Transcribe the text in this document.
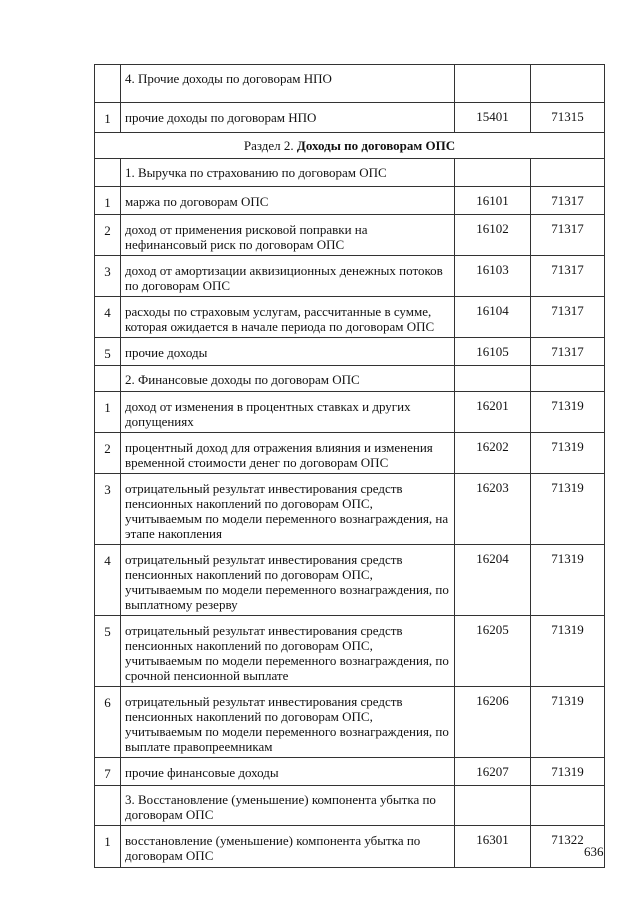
	4. Прочие доходы по договорам НПО		
1	прочие доходы по договорам НПО	15401	71315
Раздел 2. Доходы по договорам ОПС			
	1. Выручка по страхованию по договорам ОПС		
1	маржа по договорам ОПС	16101	71317
2	доход от применения рисковой поправки на нефинансовый риск по договорам ОПС	16102	71317
3	доход от амортизации аквизиционных денежных потоков по договорам ОПС	16103	71317
4	расходы по страховым услугам, рассчитанные в сумме, которая ожидается в начале периода по договорам ОПС	16104	71317
5	прочие доходы	16105	71317
	2. Финансовые доходы по договорам ОПС		
1	доход от изменения в процентных ставках и других допущениях	16201	71319
2	процентный доход для отражения влияния и изменения временной стоимости денег по договорам ОПС	16202	71319
3	отрицательный результат инвестирования средств пенсионных накоплений по договорам ОПС, учитываемым по модели переменного вознаграждения, на этапе накопления	16203	71319
4	отрицательный результат инвестирования средств пенсионных накоплений по договорам ОПС, учитываемым по модели переменного вознаграждения, по выплатному резерву	16204	71319
5	отрицательный результат инвестирования средств пенсионных накоплений по договорам ОПС, учитываемым по модели переменного вознаграждения, по срочной пенсионной выплате	16205	71319
6	отрицательный результат инвестирования средств пенсионных накоплений по договорам ОПС, учитываемым по модели переменного вознаграждения, по выплате правопреемникам	16206	71319
7	прочие финансовые доходы	16207	71319
	3. Восстановление (уменьшение) компонента убытка по договорам ОПС		
1	восстановление (уменьшение) компонента убытка по договорам ОПС	16301	71322
636
